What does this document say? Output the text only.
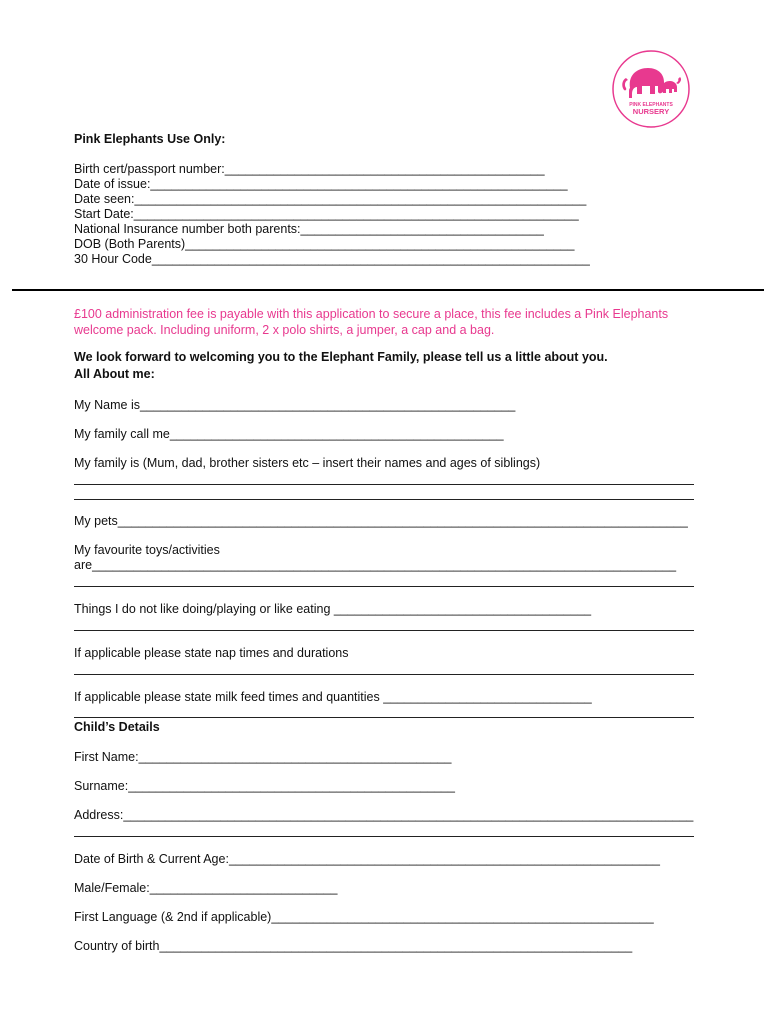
PINK ELEPHANTS
NURSERY
Pink Elephants Use Only:
Birth cert/passport number:______________________________________________
Date of issue:____________________________________________________________
Date seen:_________________________________________________________________
Start Date:________________________________________________________________
National Insurance number both parents:___________________________________
DOB (Both Parents)________________________________________________________
30 Hour Code_______________________________________________________________
£100 administration fee is payable with this application to secure a place, this fee includes a Pink Elephants welcome pack. Including uniform, 2 x polo shirts, a jumper, a cap and a bag.
We look forward to welcoming you to the Elephant Family, please tell us a little about you.
All About me:
My Name is______________________________________________________
My family call me________________________________________________
My family is (Mum, dad, brother sisters etc – insert their names and ages of siblings)
My pets__________________________________________________________________________________
My favourite toys/activities
are____________________________________________________________________________________
Things I do not like doing/playing or like eating _____________________________________
If applicable please state nap times and durations
If applicable please state milk feed times and quantities ______________________________
Child’s Details
First Name:_____________________________________________
Surname:_______________________________________________
Address:__________________________________________________________________________________
Date of Birth & Current Age:______________________________________________________________
Male/Female:___________________________
First Language (& 2nd if applicable)_______________________________________________________
Country of birth____________________________________________________________________
